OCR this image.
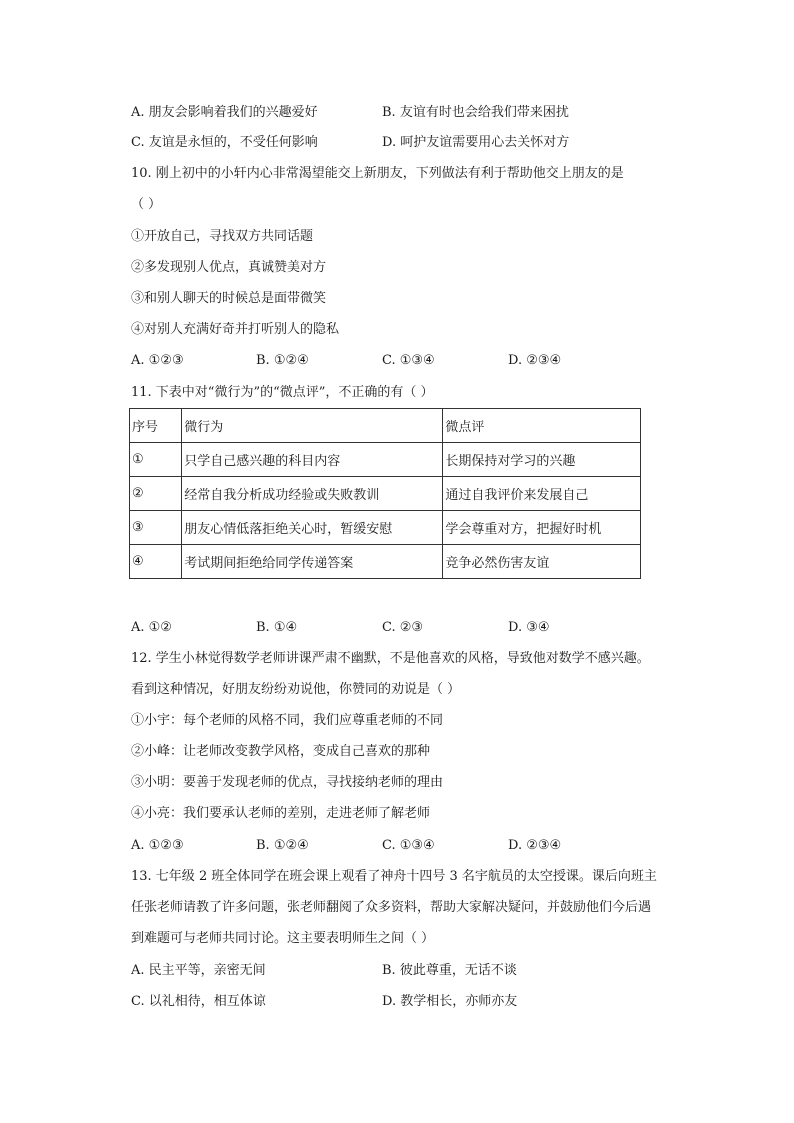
A. 朋友会影响着我们的兴趣爱好	B. 友谊有时也会给我们带来困扰
C. 友谊是永恒的，不受任何影响	D. 呵护友谊需要用心去关怀对方
10. 刚上初中的小轩内心非常渴望能交上新朋友，下列做法有利于帮助他交上朋友的是
（ ）
①开放自己，寻找双方共同话题
②多发现别人优点，真诚赞美对方
③和别人聊天的时候总是面带微笑
④对别人充满好奇并打听别人的隐私
A. ①②③	B. ①②④	C. ①③④	D. ②③④
11. 下表中对“微行为”的“微点评”，不正确的有（ ）
序号	微行为	微点评
①	只学自己感兴趣的科目内容	长期保持对学习的兴趣
②	经常自我分析成功经验或失败教训	通过自我评价来发展自己
③	朋友心情低落拒绝关心时，暂缓安慰	学会尊重对方，把握好时机
④	考试期间拒绝给同学传递答案	竞争必然伤害友谊
A. ①②	B. ①④	C. ②③	D. ③④
12. 学生小林觉得数学老师讲课严肃不幽默，不是他喜欢的风格，导致他对数学不感兴趣。
看到这种情况，好朋友纷纷劝说他，你赞同的劝说是（ ）
①小宇：每个老师的风格不同，我们应尊重老师的不同
②小峰：让老师改变教学风格，变成自己喜欢的那种
③小明：要善于发现老师的优点，寻找接纳老师的理由
④小亮：我们要承认老师的差别，走进老师了解老师
A. ①②③	B. ①②④	C. ①③④	D. ②③④
13. 七年级 2 班全体同学在班会课上观看了神舟十四号 3 名宇航员的太空授课。课后向班主
任张老师请教了许多问题，张老师翻阅了众多资料，帮助大家解决疑问，并鼓励他们今后遇
到难题可与老师共同讨论。这主要表明师生之间（ ）
A. 民主平等，亲密无间	B. 彼此尊重，无话不谈
C. 以礼相待，相互体谅	D. 教学相长，亦师亦友
